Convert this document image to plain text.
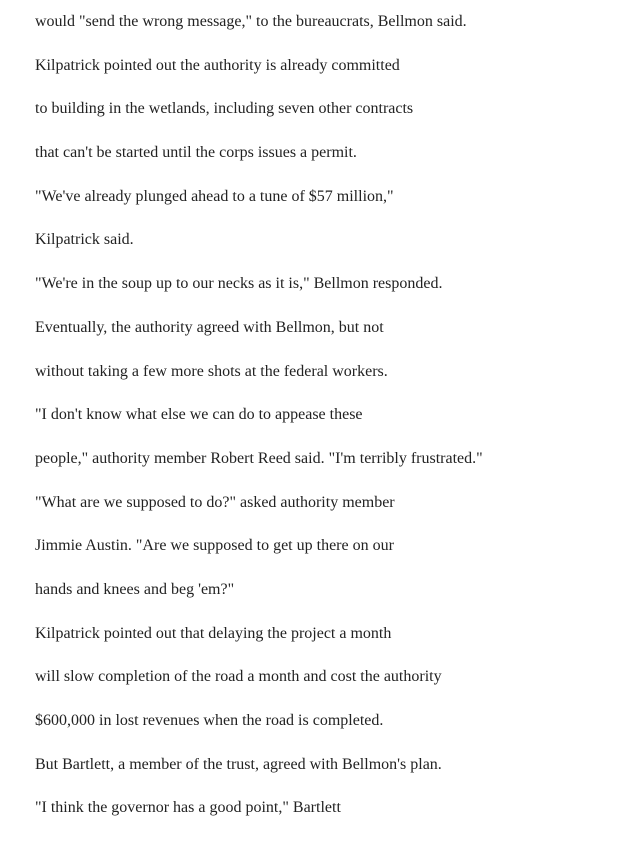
would "send the wrong message," to the bureaucrats, Bellmon said.

Kilpatrick pointed out the authority is already committed

to building in the wetlands, including seven other contracts

that can't be started until the corps issues a permit.

"We've already plunged ahead to a tune of $57 million,"

Kilpatrick said.

"We're in the soup up to our necks as it is," Bellmon responded.

Eventually, the authority agreed with Bellmon, but not

without taking a few more shots at the federal workers.

"I don't know what else we can do to appease these

people," authority member Robert Reed said. "I'm terribly frustrated."

"What are we supposed to do?" asked authority member

Jimmie Austin. "Are we supposed to get up there on our

hands and knees and beg 'em?"

Kilpatrick pointed out that delaying the project a month

will slow completion of the road a month and cost the authority

$600,000 in lost revenues when the road is completed.

But Bartlett, a member of the trust, agreed with Bellmon's plan.

"I think the governor has a good point," Bartlett
